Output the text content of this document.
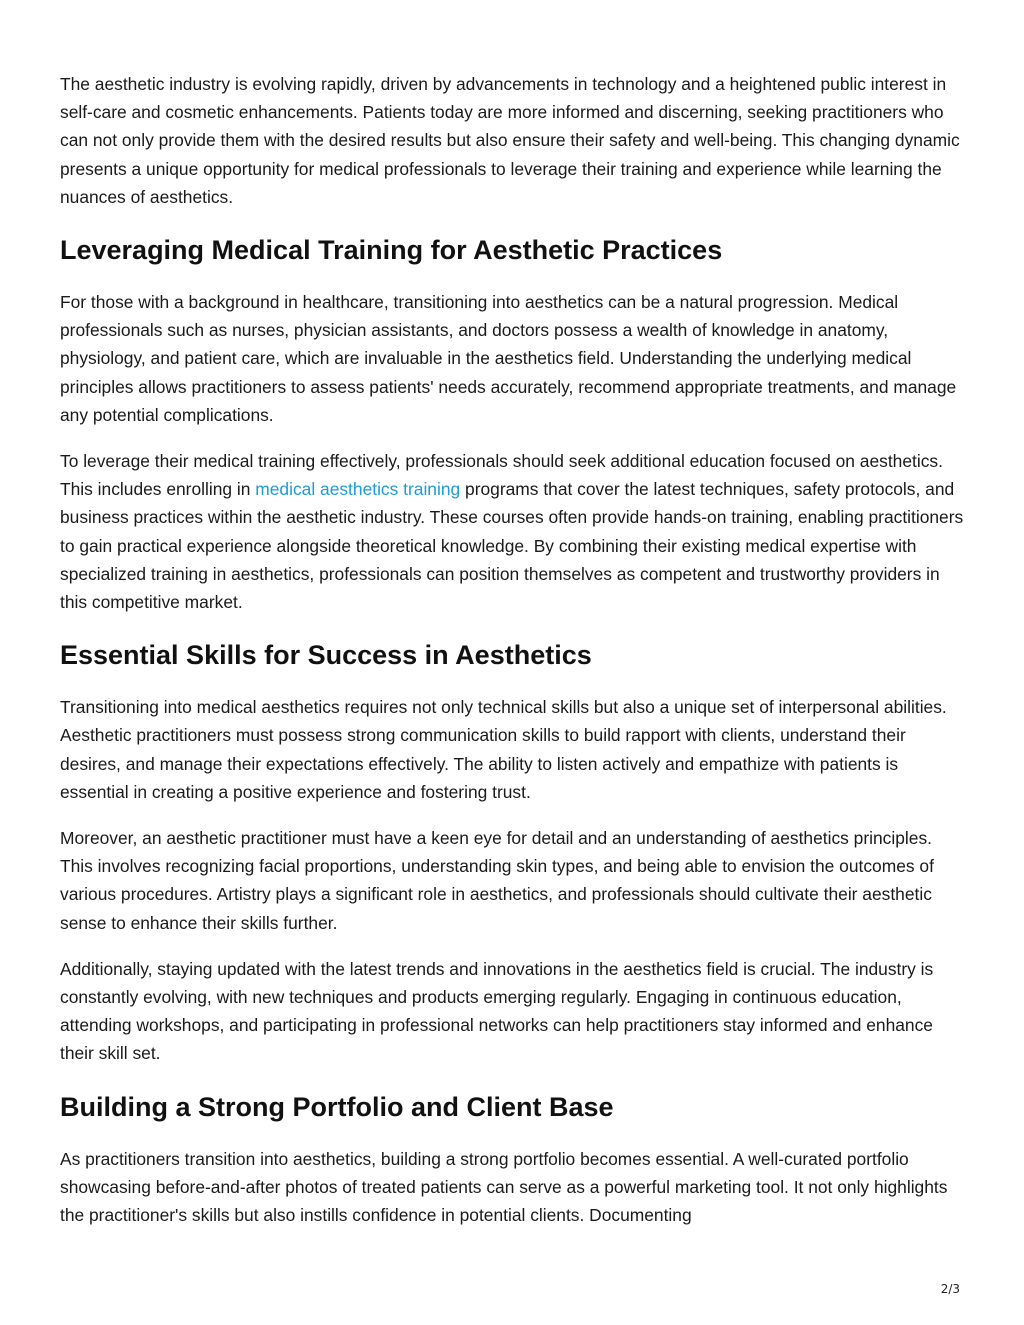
The aesthetic industry is evolving rapidly, driven by advancements in technology and a heightened public interest in self-care and cosmetic enhancements. Patients today are more informed and discerning, seeking practitioners who can not only provide them with the desired results but also ensure their safety and well-being. This changing dynamic presents a unique opportunity for medical professionals to leverage their training and experience while learning the nuances of aesthetics.

Leveraging Medical Training for Aesthetic Practices

For those with a background in healthcare, transitioning into aesthetics can be a natural progression. Medical professionals such as nurses, physician assistants, and doctors possess a wealth of knowledge in anatomy, physiology, and patient care, which are invaluable in the aesthetics field. Understanding the underlying medical principles allows practitioners to assess patients' needs accurately, recommend appropriate treatments, and manage any potential complications.

To leverage their medical training effectively, professionals should seek additional education focused on aesthetics. This includes enrolling in medical aesthetics training programs that cover the latest techniques, safety protocols, and business practices within the aesthetic industry. These courses often provide hands-on training, enabling practitioners to gain practical experience alongside theoretical knowledge. By combining their existing medical expertise with specialized training in aesthetics, professionals can position themselves as competent and trustworthy providers in this competitive market.

Essential Skills for Success in Aesthetics

Transitioning into medical aesthetics requires not only technical skills but also a unique set of interpersonal abilities. Aesthetic practitioners must possess strong communication skills to build rapport with clients, understand their desires, and manage their expectations effectively. The ability to listen actively and empathize with patients is essential in creating a positive experience and fostering trust.

Moreover, an aesthetic practitioner must have a keen eye for detail and an understanding of aesthetics principles. This involves recognizing facial proportions, understanding skin types, and being able to envision the outcomes of various procedures. Artistry plays a significant role in aesthetics, and professionals should cultivate their aesthetic sense to enhance their skills further.

Additionally, staying updated with the latest trends and innovations in the aesthetics field is crucial. The industry is constantly evolving, with new techniques and products emerging regularly. Engaging in continuous education, attending workshops, and participating in professional networks can help practitioners stay informed and enhance their skill set.

Building a Strong Portfolio and Client Base

As practitioners transition into aesthetics, building a strong portfolio becomes essential. A well-curated portfolio showcasing before-and-after photos of treated patients can serve as a powerful marketing tool. It not only highlights the practitioner's skills but also instills confidence in potential clients. Documenting

2/3
